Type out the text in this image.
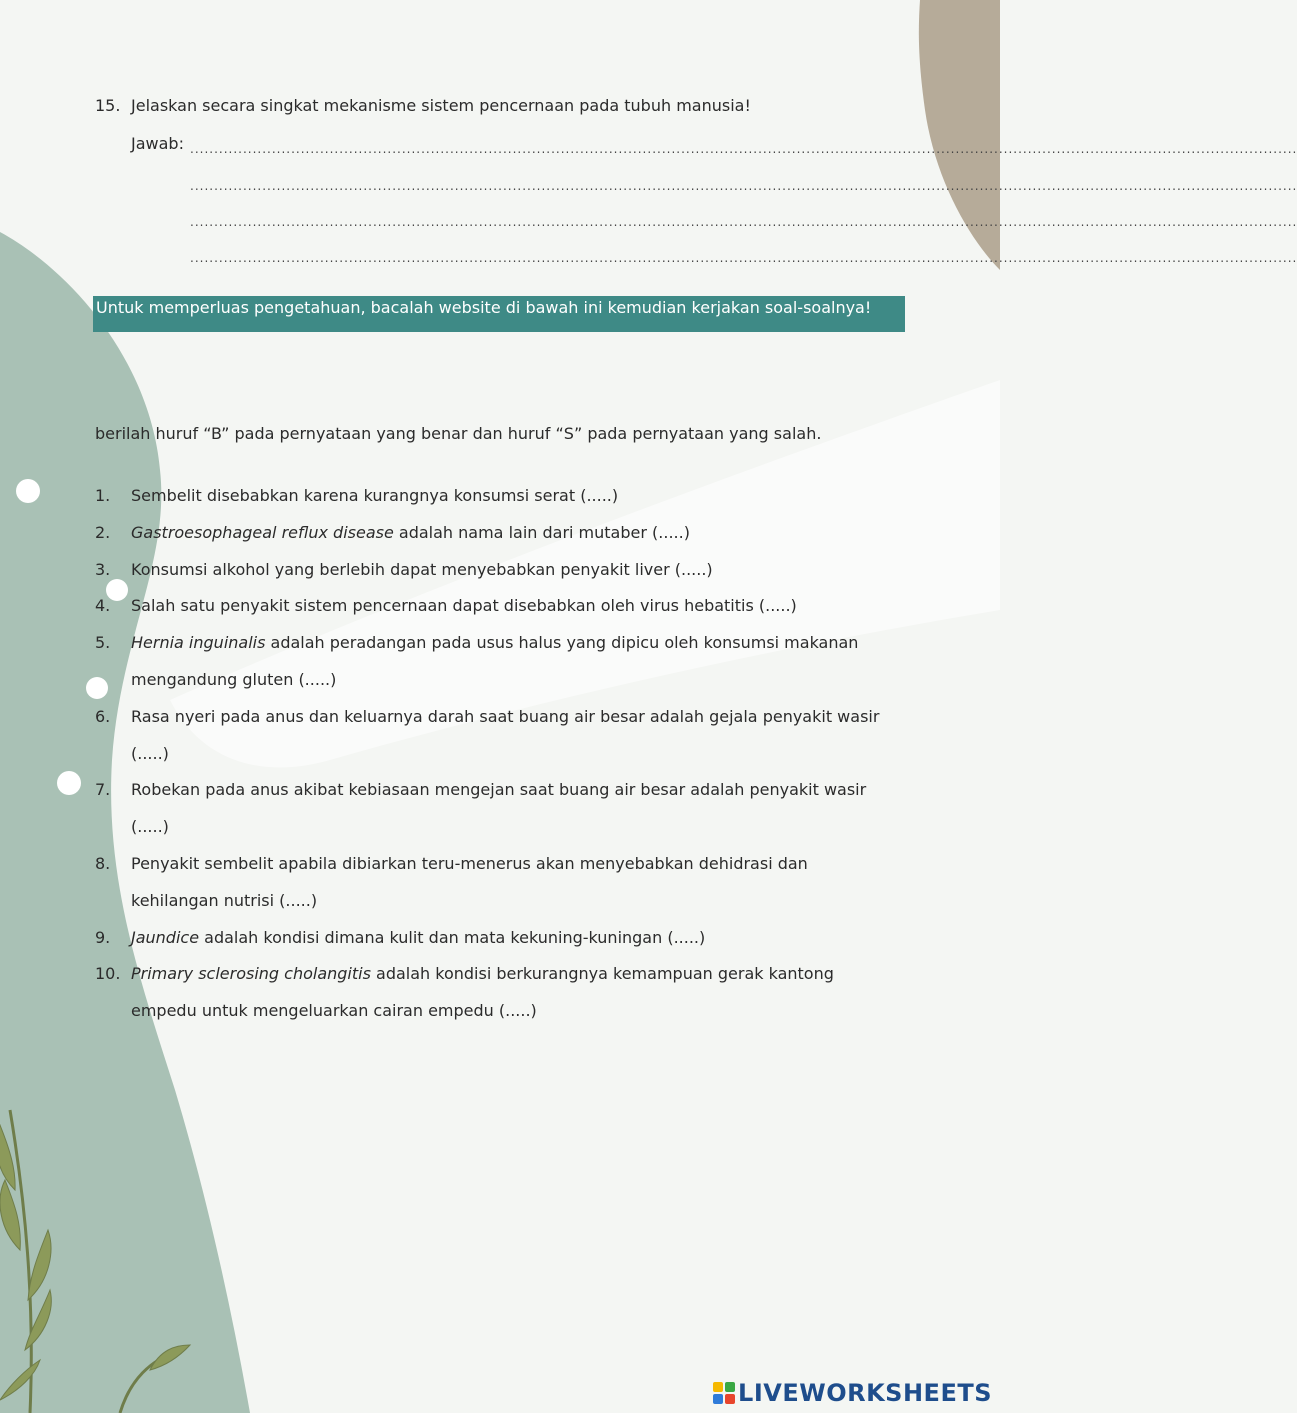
15. Jelaskan secara singkat mekanisme sistem pencernaan pada tubuh manusia!
Jawab: ......................................................................................................................................................................................................................................
......................................................................................................................................................................................................................................
......................................................................................................................................................................................................................................
......................................................................................................................................................................................................................................
Untuk memperluas pengetahuan, bacalah website di bawah ini kemudian kerjakan soal-soalnya!
berilah huruf “B” pada pernyataan yang benar dan huruf “S” pada pernyataan yang salah.
1.	Sembelit disebabkan karena kurangnya konsumsi serat (.....)
2.	Gastroesophageal reflux disease adalah nama lain dari mutaber (.....)
3.	Konsumsi alkohol yang berlebih dapat menyebabkan penyakit liver (.....)
4.	Salah satu penyakit sistem pencernaan dapat disebabkan oleh virus hebatitis (.....)
5.	Hernia inguinalis adalah peradangan pada usus halus yang dipicu oleh konsumsi makanan mengandung gluten (.....)
6.	Rasa nyeri pada anus dan keluarnya darah saat buang air besar adalah gejala penyakit wasir (.....)
7.	Robekan pada anus akibat kebiasaan mengejan saat buang air besar adalah penyakit wasir (.....)
8.	Penyakit sembelit apabila dibiarkan teru-menerus akan menyebabkan dehidrasi dan kehilangan nutrisi (.....)
9.	Jaundice adalah kondisi dimana kulit dan mata kekuning-kuningan (.....)
10. Primary sclerosing cholangitis adalah kondisi berkurangnya kemampuan gerak kantong empedu untuk mengeluarkan cairan empedu (.....)
LIVEWORKSHEETS
